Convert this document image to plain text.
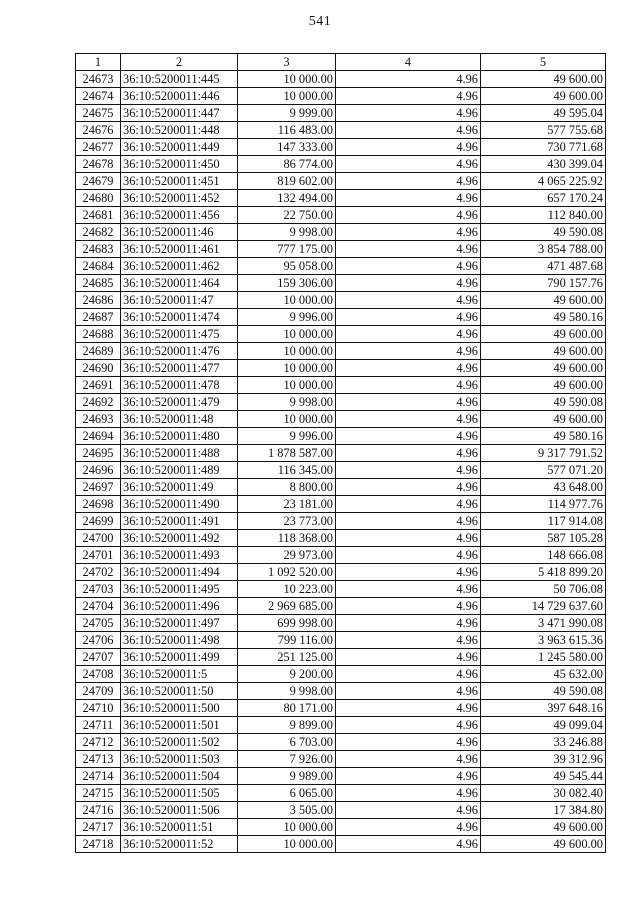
541
1	2	3	4	5
24673	36:10:5200011:445	10 000.00	4.96	49 600.00
24674	36:10:5200011:446	10 000.00	4.96	49 600.00
24675	36:10:5200011:447	9 999.00	4.96	49 595.04
24676	36:10:5200011:448	116 483.00	4.96	577 755.68
24677	36:10:5200011:449	147 333.00	4.96	730 771.68
24678	36:10:5200011:450	86 774.00	4.96	430 399.04
24679	36:10:5200011:451	819 602.00	4.96	4 065 225.92
24680	36:10:5200011:452	132 494.00	4.96	657 170.24
24681	36:10:5200011:456	22 750.00	4.96	112 840.00
24682	36:10:5200011:46	9 998.00	4.96	49 590.08
24683	36:10:5200011:461	777 175.00	4.96	3 854 788.00
24684	36:10:5200011:462	95 058.00	4.96	471 487.68
24685	36:10:5200011:464	159 306.00	4.96	790 157.76
24686	36:10:5200011:47	10 000.00	4.96	49 600.00
24687	36:10:5200011:474	9 996.00	4.96	49 580.16
24688	36:10:5200011:475	10 000.00	4.96	49 600.00
24689	36:10:5200011:476	10 000.00	4.96	49 600.00
24690	36:10:5200011:477	10 000.00	4.96	49 600.00
24691	36:10:5200011:478	10 000.00	4.96	49 600.00
24692	36:10:5200011:479	9 998.00	4.96	49 590.08
24693	36:10:5200011:48	10 000.00	4.96	49 600.00
24694	36:10:5200011:480	9 996.00	4.96	49 580.16
24695	36:10:5200011:488	1 878 587.00	4.96	9 317 791.52
24696	36:10:5200011:489	116 345.00	4.96	577 071.20
24697	36:10:5200011:49	8 800.00	4.96	43 648.00
24698	36:10:5200011:490	23 181.00	4.96	114 977.76
24699	36:10:5200011:491	23 773.00	4.96	117 914.08
24700	36:10:5200011:492	118 368.00	4.96	587 105.28
24701	36:10:5200011:493	29 973.00	4.96	148 666.08
24702	36:10:5200011:494	1 092 520.00	4.96	5 418 899.20
24703	36:10:5200011:495	10 223.00	4.96	50 706.08
24704	36:10:5200011:496	2 969 685.00	4.96	14 729 637.60
24705	36:10:5200011:497	699 998.00	4.96	3 471 990.08
24706	36:10:5200011:498	799 116.00	4.96	3 963 615.36
24707	36:10:5200011:499	251 125.00	4.96	1 245 580.00
24708	36:10:5200011:5	9 200.00	4.96	45 632.00
24709	36:10:5200011:50	9 998.00	4.96	49 590.08
24710	36:10:5200011:500	80 171.00	4.96	397 648.16
24711	36:10:5200011:501	9 899.00	4.96	49 099.04
24712	36:10:5200011:502	6 703.00	4.96	33 246.88
24713	36:10:5200011:503	7 926.00	4.96	39 312.96
24714	36:10:5200011:504	9 989.00	4.96	49 545.44
24715	36:10:5200011:505	6 065.00	4.96	30 082.40
24716	36:10:5200011:506	3 505.00	4.96	17 384.80
24717	36:10:5200011:51	10 000.00	4.96	49 600.00
24718	36:10:5200011:52	10 000.00	4.96	49 600.00
